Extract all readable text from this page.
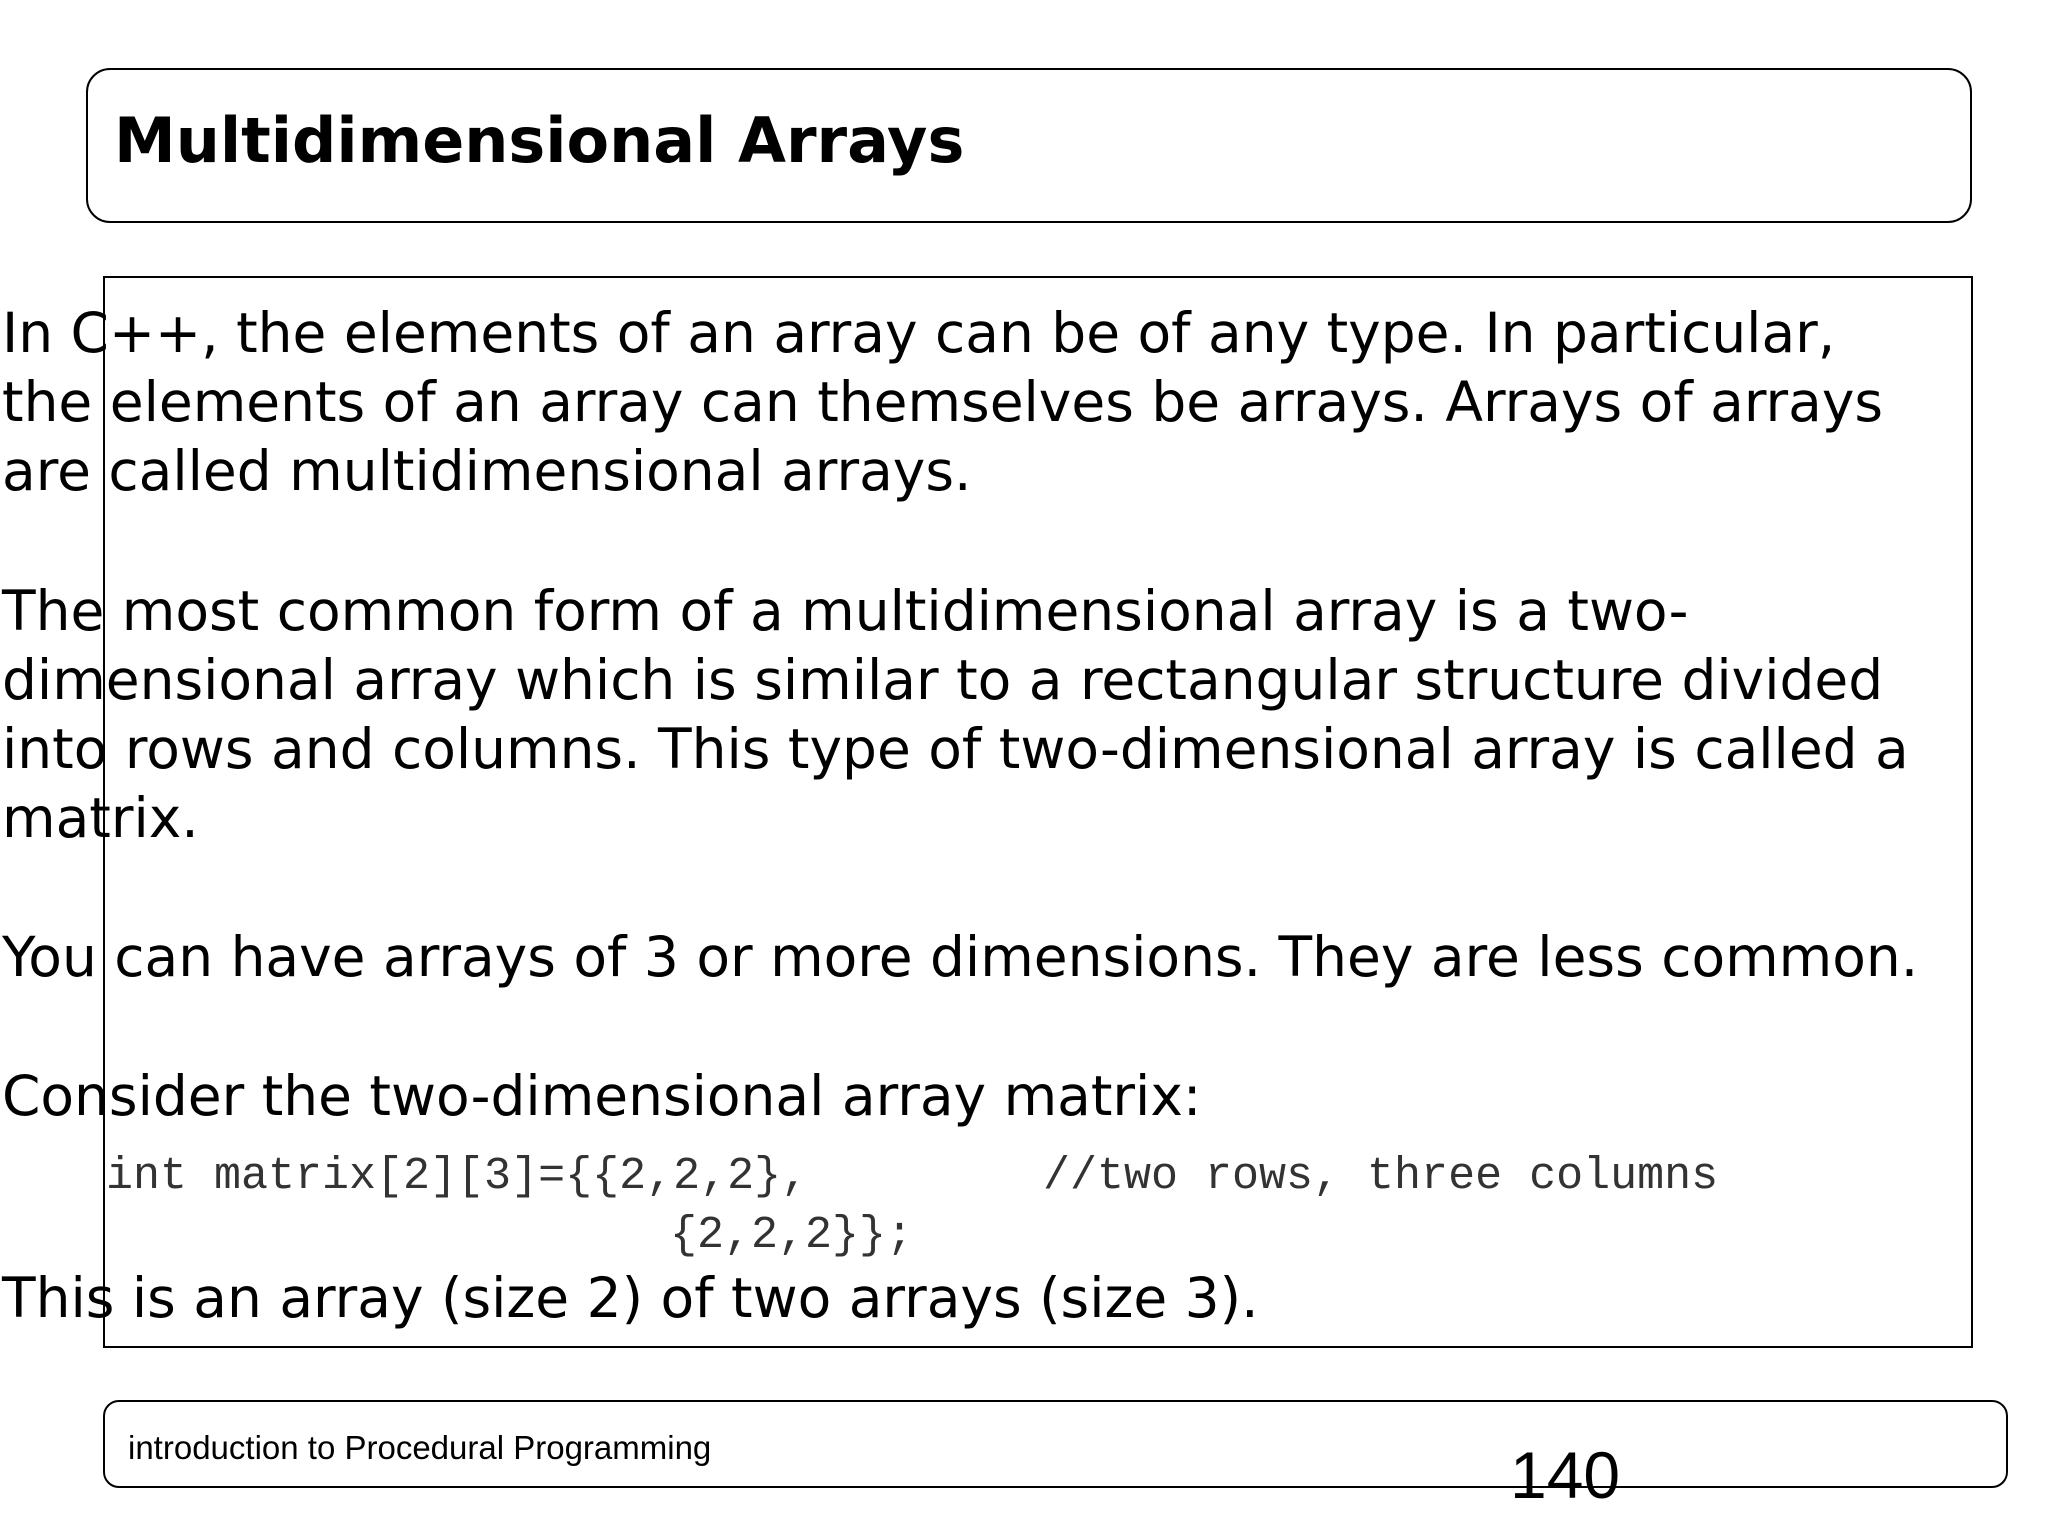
Multidimensional Arrays

In C++, the elements of an array can be of any type. In particular,

the elements of an array can themselves be arrays. Arrays of arrays

are called multidimensional arrays.

The most common form of a multidimensional array is a two-

dimensional array which is similar to a rectangular structure divided

into rows and columns. This type of two-dimensional array is called a

matrix.

You can have arrays of 3 or more dimensions. They are less common.

Consider the two-dimensional array matrix:

int matrix[2][3]={{2,2,2},	//two rows, three columns
{2,2,2}};

This is an array (size 2) of two arrays (size 3).

introduction to Procedural Programming	140
